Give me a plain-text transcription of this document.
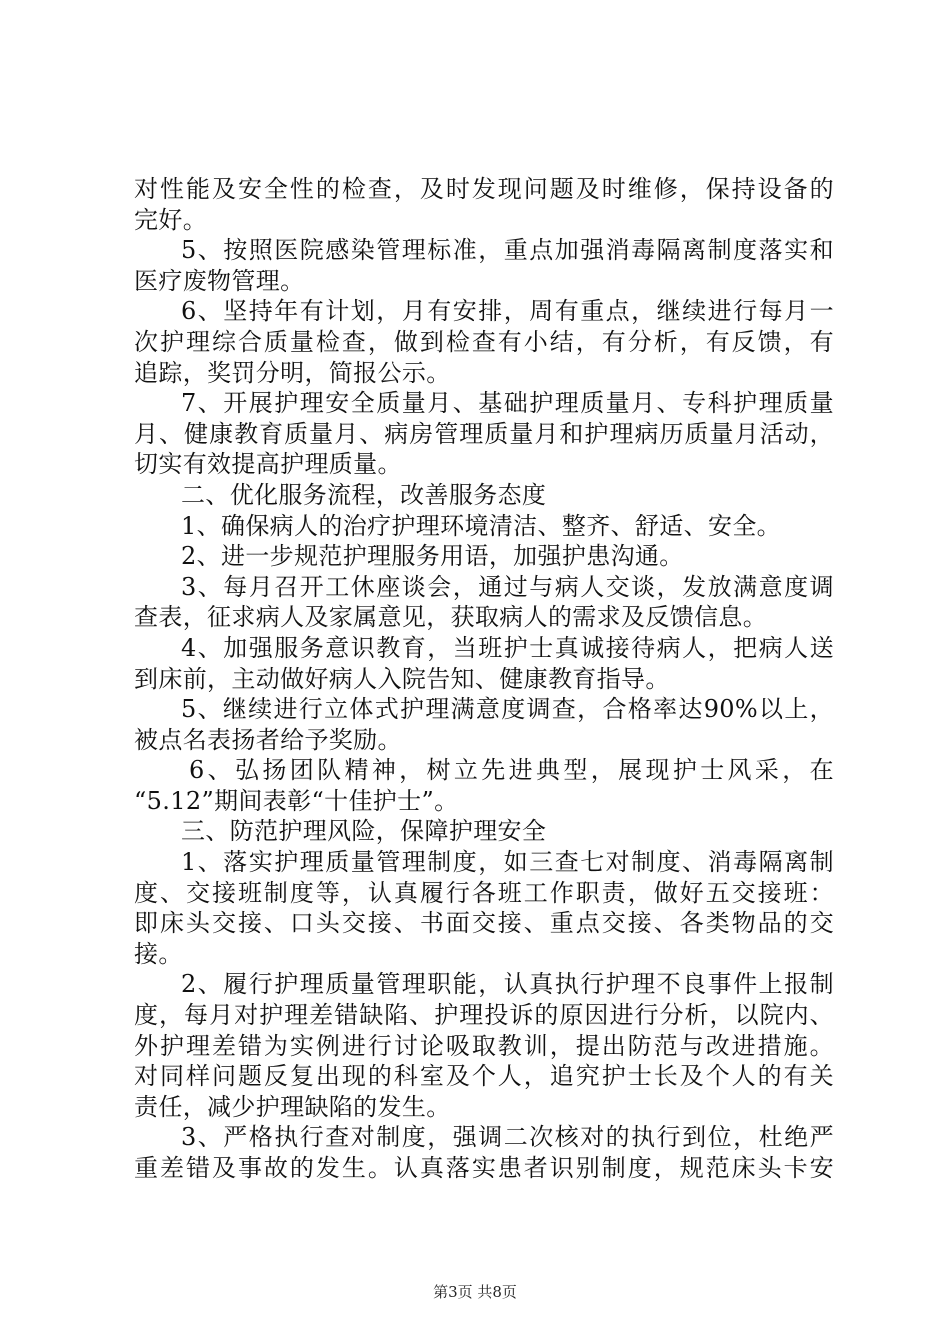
对性能及安全性的检查，及时发现问题及时维修，保持设备的
完好。
5、按照医院感染管理标准，重点加强消毒隔离制度落实和
医疗废物管理。
6、坚持年有计划，月有安排，周有重点，继续进行每月一
次护理综合质量检查，做到检查有小结，有分析，有反馈，有
追踪，奖罚分明，简报公示。
7、开展护理安全质量月、基础护理质量月、专科护理质量
月、健康教育质量月、病房管理质量月和护理病历质量月活动，
切实有效提高护理质量。
二、优化服务流程，改善服务态度
1、确保病人的治疗护理环境清洁、整齐、舒适、安全。
2、进一步规范护理服务用语，加强护患沟通。
3、每月召开工休座谈会，通过与病人交谈，发放满意度调
查表，征求病人及家属意见，获取病人的需求及反馈信息。
4、加强服务意识教育，当班护士真诚接待病人，把病人送
到床前，主动做好病人入院告知、健康教育指导。
5、继续进行立体式护理满意度调查，合格率达90%以上，
被点名表扬者给予奖励。
6、弘扬团队精神，树立先进典型，展现护士风采，在
“5.12”期间表彰“十佳护士”。
三、防范护理风险，保障护理安全
1、落实护理质量管理制度，如三查七对制度、消毒隔离制
度、交接班制度等，认真履行各班工作职责，做好五交接班：
即床头交接、口头交接、书面交接、重点交接、各类物品的交
接。
2、履行护理质量管理职能，认真执行护理不良事件上报制
度，每月对护理差错缺陷、护理投诉的原因进行分析，以院内、
外护理差错为实例进行讨论吸取教训，提出防范与改进措施。
对同样问题反复出现的科室及个人，追究护士长及个人的有关
责任，减少护理缺陷的发生。
3、严格执行查对制度，强调二次核对的执行到位，杜绝严
重差错及事故的发生。认真落实患者识别制度，规范床头卡安
第3页 共8页
